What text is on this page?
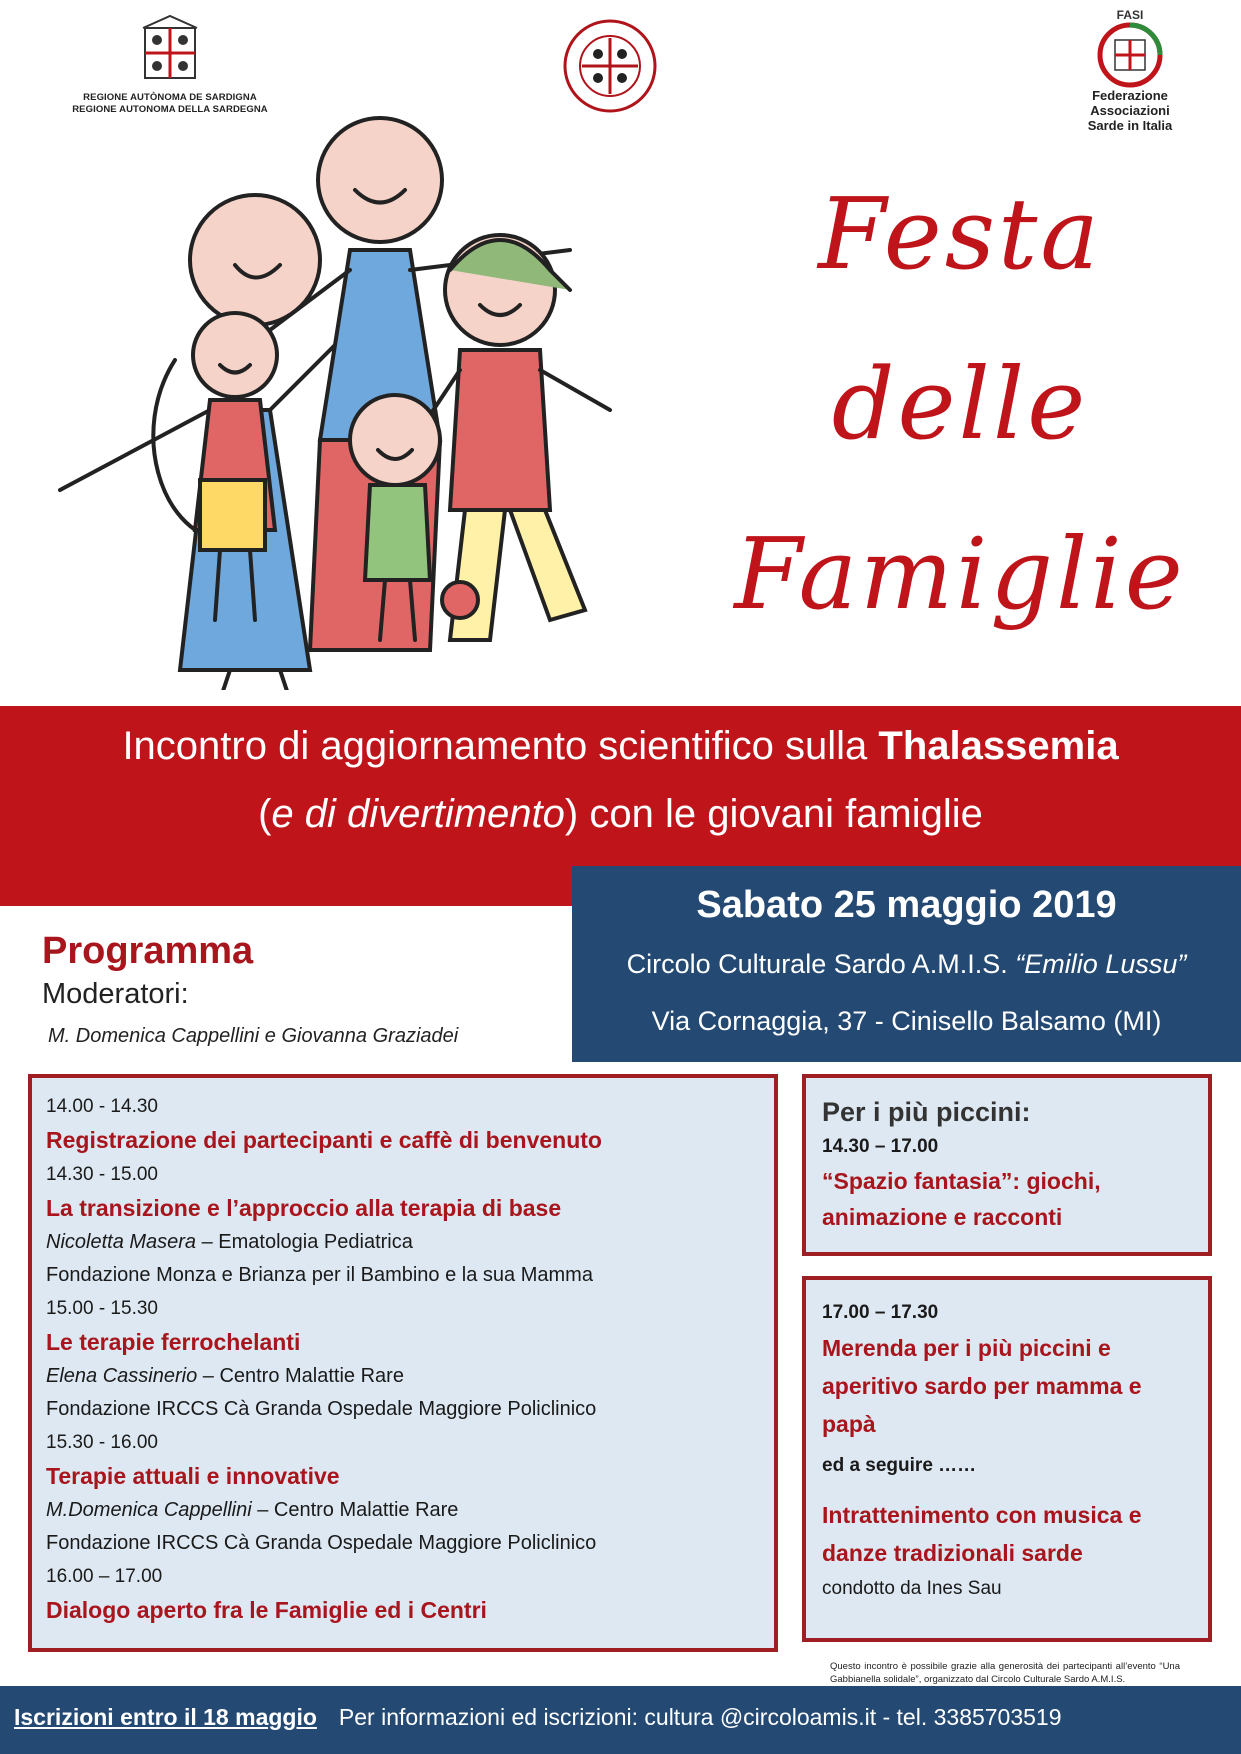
REGIONE AUTÒNOMA DE SARDIGNA
REGIONE AUTONOMA DELLA SARDEGNA
FASI
Federazione
Associazioni
Sarde in Italia
Festa
delle
Famiglie
Incontro di aggiornamento scientifico sulla Thalassemia
(e di divertimento) con le giovani famiglie
Sabato 25 maggio 2019
Circolo Culturale Sardo A.M.I.S. “Emilio Lussu”
Via Cornaggia, 37 - Cinisello Balsamo (MI)
Programma
Moderatori:
M. Domenica Cappellini e Giovanna Graziadei
14.00 - 14.30
Registrazione dei partecipanti e caffè di benvenuto
14.30 - 15.00
La transizione e l’approccio alla terapia di base
Nicoletta Masera – Ematologia Pediatrica
Fondazione Monza e Brianza per il Bambino e la sua Mamma
15.00 - 15.30
Le terapie ferrochelanti
Elena Cassinerio – Centro Malattie Rare
Fondazione IRCCS Cà Granda Ospedale Maggiore Policlinico
15.30 - 16.00
Terapie attuali e innovative
M.Domenica Cappellini – Centro Malattie Rare
Fondazione IRCCS Cà Granda Ospedale Maggiore Policlinico
16.00 – 17.00
Dialogo aperto fra le Famiglie ed i Centri
Per i più piccini:
14.30 – 17.00
“Spazio fantasia”: giochi, animazione e racconti
17.00 – 17.30
Merenda per i più piccini e aperitivo sardo per mamma e papà
ed a seguire ……
Intrattenimento con musica e danze tradizionali sarde
condotto da Ines Sau
Questo incontro è possibile grazie alla generosità dei partecipanti all’evento “Una Gabbianella solidale”, organizzato dal Circolo Culturale Sardo A.M.I.S.
Iscrizioni entro il 18 maggio Per informazioni ed iscrizioni: cultura @circoloamis.it - tel. 3385703519
